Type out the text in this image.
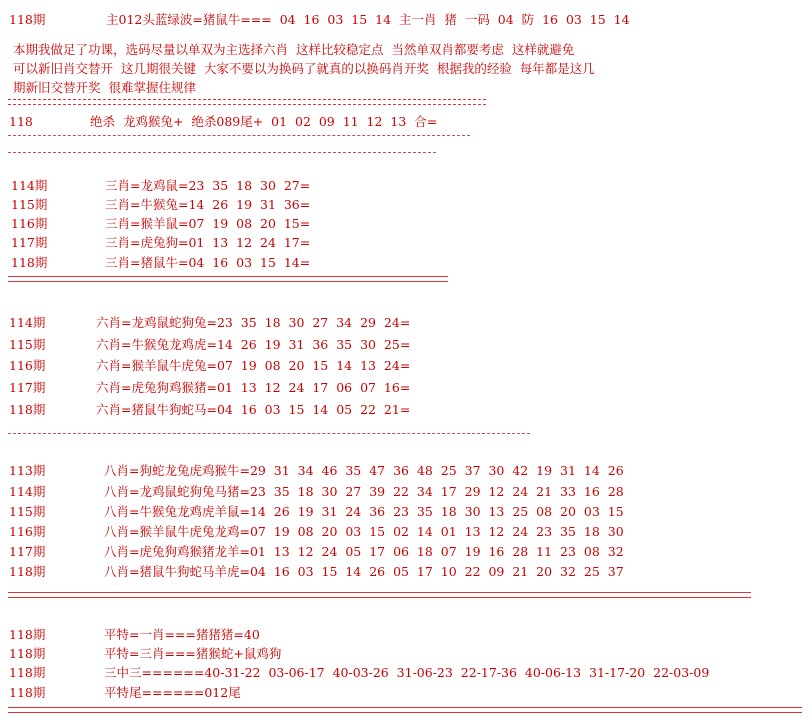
118期	主012头蓝绿波=猪鼠牛===  04  16  03  15  14  主一肖  猪  一码  04  防  16  03  15  14
本期我做足了功课，选码尽量以单双为主选择六肖  这样比较稳定点  当然单双肖都要考虑  这样就避免
可以新旧肖交替开  这几期很关键  大家不要以为换码了就真的以换码肖开奖  根据我的经验  每年都是这几
期新旧交替开奖  很难掌握住规律
118	绝杀  龙鸡猴兔+  绝杀089尾+  01  02  09  11  12  13  合=
114期	三肖=龙鸡鼠=23  35  18  30  27=
115期	三肖=牛猴兔=14  26  19  31  36=
116期	三肖=猴羊鼠=07  19  08  20  15=
117期	三肖=虎兔狗=01  13  12  24  17=
118期	三肖=猪鼠牛=04  16  03  15  14=
114期	六肖=龙鸡鼠蛇狗兔=23  35  18  30  27  34  29  24=
115期	六肖=牛猴兔龙鸡虎=14  26  19  31  36  35  30  25=
116期	六肖=猴羊鼠牛虎兔=07  19  08  20  15  14  13  24=
117期	六肖=虎兔狗鸡猴猪=01  13  12  24  17  06  07  16=
118期	六肖=猪鼠牛狗蛇马=04  16  03  15  14  05  22  21=
113期	八肖=狗蛇龙兔虎鸡猴牛=29  31  34  46  35  47  36  48  25  37  30  42  19  31  14  26
114期	八肖=龙鸡鼠蛇狗兔马猪=23  35  18  30  27  39  22  34  17  29  12  24  21  33  16  28
115期	八肖=牛猴兔龙鸡虎羊鼠=14  26  19  31  24  36  23  35  18  30  13  25  08  20  03  15
116期	八肖=猴羊鼠牛虎兔龙鸡=07  19  08  20  03  15  02  14  01  13  12  24  23  35  18  30
117期	八肖=虎兔狗鸡猴猪龙羊=01  13  12  24  05  17  06  18  07  19  16  28  11  23  08  32
118期	八肖=猪鼠牛狗蛇马羊虎=04  16  03  15  14  26  05  17  10  22  09  21  20  32  25  37
118期	平特=一肖===猪猪猪=40
118期	平特=三肖===猪猴蛇+鼠鸡狗
118期	三中三======40-31-22  03-06-17  40-03-26  31-06-23  22-17-36  40-06-13  31-17-20  22-03-09
118期	平特尾======012尾
